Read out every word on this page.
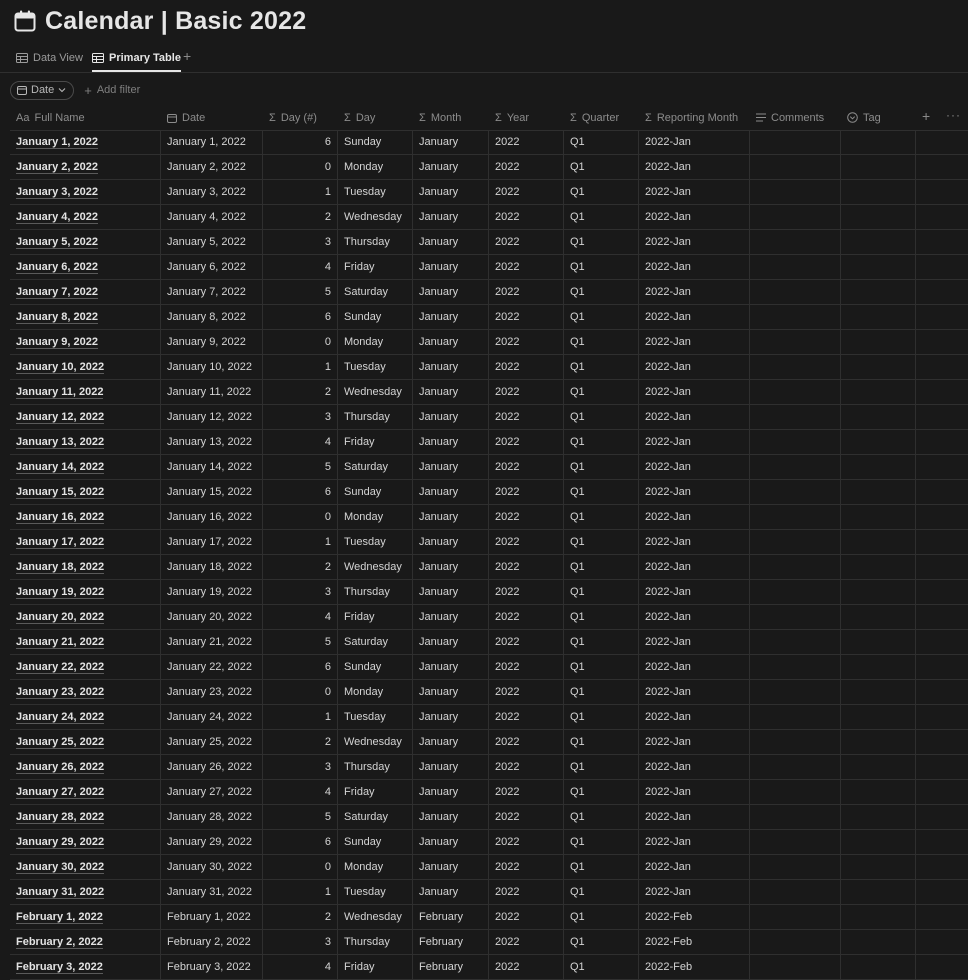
Calendar | Basic 2022
Data View Primary Table +
Date + Add filter
Aa Full Name	Date	Σ Day (#) Σ Day	Σ Month	Σ Year	Σ Quarter Σ Reporting Month	Comments	Tag	+ ···
January 1, 2022	January 1, 2022	6 Sunday	January	2022	Q1	2022-Jan
January 2, 2022	January 2, 2022	0 Monday	January	2022	Q1	2022-Jan
January 3, 2022	January 3, 2022	1 Tuesday	January	2022	Q1	2022-Jan
January 4, 2022	January 4, 2022	2 Wednesday January	2022	Q1	2022-Jan
January 5, 2022	January 5, 2022	3 Thursday	January	2022	Q1	2022-Jan
January 6, 2022	January 6, 2022	4 Friday	January	2022	Q1	2022-Jan
January 7, 2022	January 7, 2022	5 Saturday	January	2022	Q1	2022-Jan
January 8, 2022	January 8, 2022	6 Sunday	January	2022	Q1	2022-Jan
January 9, 2022	January 9, 2022	0 Monday	January	2022	Q1	2022-Jan
January 10, 2022	January 10, 2022	1 Tuesday	January	2022	Q1	2022-Jan
January 11, 2022	January 11, 2022	2 Wednesday January	2022	Q1	2022-Jan
January 12, 2022	January 12, 2022	3 Thursday	January	2022	Q1	2022-Jan
January 13, 2022	January 13, 2022	4 Friday	January	2022	Q1	2022-Jan
January 14, 2022	January 14, 2022	5 Saturday	January	2022	Q1	2022-Jan
January 15, 2022	January 15, 2022	6 Sunday	January	2022	Q1	2022-Jan
January 16, 2022	January 16, 2022	0 Monday	January	2022	Q1	2022-Jan
January 17, 2022	January 17, 2022	1 Tuesday	January	2022	Q1	2022-Jan
January 18, 2022	January 18, 2022	2 Wednesday January	2022	Q1	2022-Jan
January 19, 2022	January 19, 2022	3 Thursday	January	2022	Q1	2022-Jan
January 20, 2022	January 20, 2022	4 Friday	January	2022	Q1	2022-Jan
January 21, 2022	January 21, 2022	5 Saturday	January	2022	Q1	2022-Jan
January 22, 2022	January 22, 2022	6 Sunday	January	2022	Q1	2022-Jan
January 23, 2022	January 23, 2022	0 Monday	January	2022	Q1	2022-Jan
January 24, 2022	January 24, 2022	1 Tuesday	January	2022	Q1	2022-Jan
January 25, 2022	January 25, 2022	2 Wednesday January	2022	Q1	2022-Jan
January 26, 2022	January 26, 2022	3 Thursday	January	2022	Q1	2022-Jan
January 27, 2022	January 27, 2022	4 Friday	January	2022	Q1	2022-Jan
January 28, 2022	January 28, 2022	5 Saturday	January	2022	Q1	2022-Jan
January 29, 2022	January 29, 2022	6 Sunday	January	2022	Q1	2022-Jan
January 30, 2022	January 30, 2022	0 Monday	January	2022	Q1	2022-Jan
January 31, 2022	January 31, 2022	1 Tuesday	January	2022	Q1	2022-Jan
February 1, 2022	February 1, 2022	2 Wednesday February	2022	Q1	2022-Feb
February 2, 2022	February 2, 2022	3 Thursday	February	2022	Q1	2022-Feb
February 3, 2022	February 3, 2022	4 Friday	February	2022	Q1	2022-Feb
